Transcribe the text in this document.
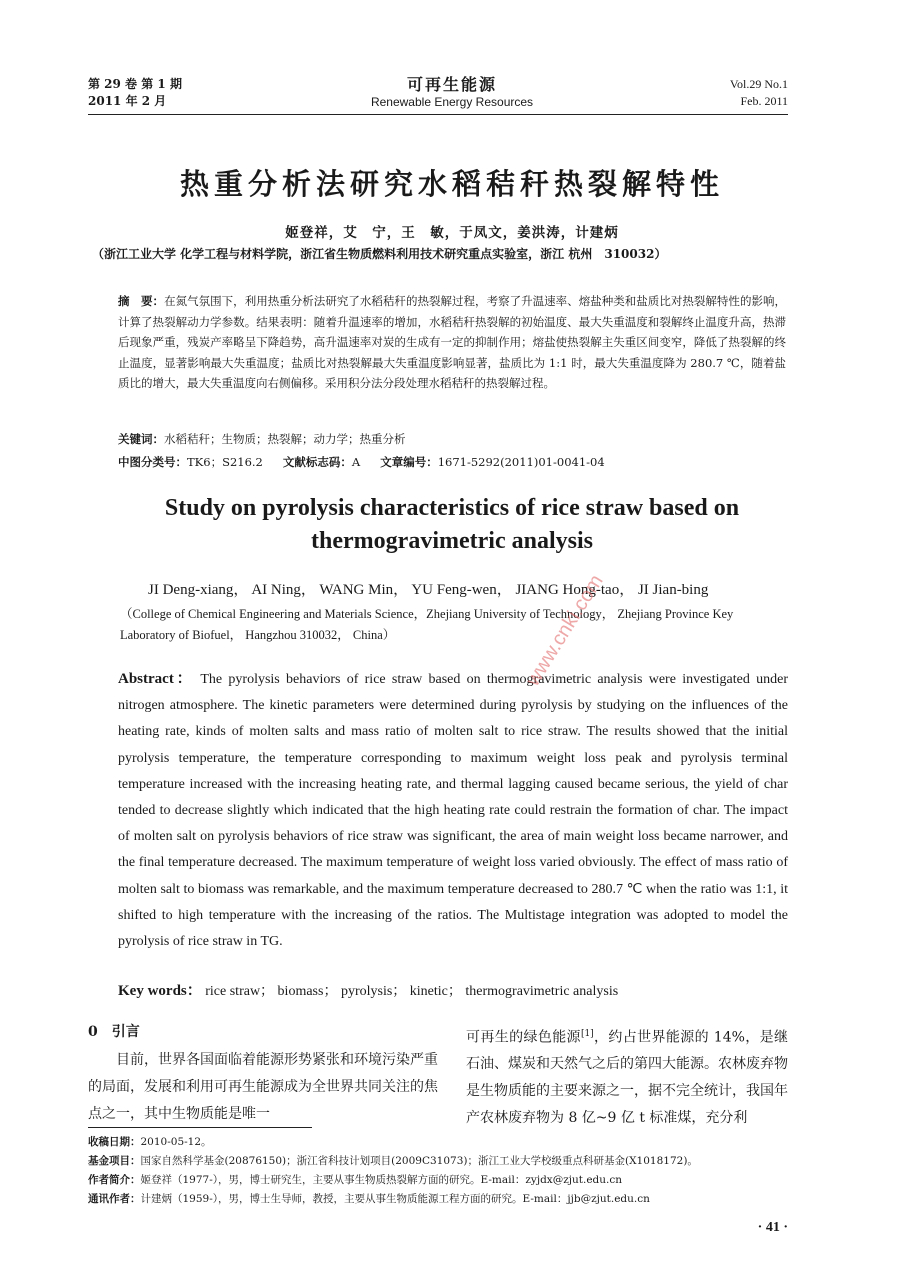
第 29 卷 第 1 期
2011 年 2 月
可再生能源
Renewable Energy Resources
Vol.29 No.1
Feb. 2011
热重分析法研究水稻秸秆热裂解特性
姬登祥，艾　宁，王　敏，于凤文，姜洪涛，计建炳
（浙江工业大学 化学工程与材料学院，浙江省生物质燃料利用技术研究重点实验室，浙江 杭州　310032）
摘　要：在氮气氛围下，利用热重分析法研究了水稻秸秆的热裂解过程，考察了升温速率、熔盐种类和盐质比对热裂解特性的影响，计算了热裂解动力学参数。结果表明：随着升温速率的增加，水稻秸秆热裂解的初始温度、最大失重温度和裂解终止温度升高，热滞后现象严重，残炭产率略呈下降趋势，高升温速率对炭的生成有一定的抑制作用；熔盐使热裂解主失重区间变窄，降低了热裂解的终止温度，显著影响最大失重温度；盐质比对热裂解最大失重温度影响显著，盐质比为 1:1 时，最大失重温度降为 280.7 ℃，随着盐质比的增大，最大失重温度向右侧偏移。采用积分法分段处理水稻秸秆的热裂解过程。
关键词：水稻秸秆；生物质；热裂解；动力学；热重分析
中图分类号：TK6；S216.2 文献标志码：A 文章编号：1671-5292(2011)01-0041-04
Study on pyrolysis characteristics of rice straw based on
thermogravimetric analysis
JI Deng-xiang， AI Ning， WANG Min， YU Feng-wen， JIANG Hong-tao， JI Jian-bing
（College of Chemical Engineering and Materials Science，Zhejiang University of Technology， Zhejiang Province Key Laboratory of Biofuel， Hangzhou 310032， China）
Abstract： The pyrolysis behaviors of rice straw based on thermogravimetric analysis were investigated under nitrogen atmosphere. The kinetic parameters were determined during pyrolysis by studying on the influences of the heating rate, kinds of molten salts and mass ratio of molten salt to rice straw. The results showed that the initial pyrolysis temperature, the temperature corresponding to maximum weight loss peak and pyrolysis terminal temperature increased with the increasing heating rate, and thermal lagging caused became serious, the yield of char tended to decrease slightly which indicated that the high heating rate could restrain the formation of char. The impact of molten salt on pyrolysis behaviors of rice straw was significant, the area of main weight loss became narrower, and the final temperature decreased. The maximum temperature of weight loss varied obviously. The effect of mass ratio of molten salt to biomass was remarkable, and the maximum temperature decreased to 280.7 ℃ when the ratio was 1:1, it shifted to high temperature with the increasing of the ratios. The Multistage integration was adopted to model the pyrolysis of rice straw in TG.
Key words： rice straw； biomass； pyrolysis； kinetic； thermogravimetric analysis
0　引言

目前，世界各国面临着能源形势紧张和环境污染严重的局面，发展和利用可再生能源成为全世界共同关注的焦点之一，其中生物质能是唯一

可再生的绿色能源[1]，约占世界能源的 14%，是继石油、煤炭和天然气之后的第四大能源。农林废弃物是生物质能的主要来源之一，据不完全统计，我国年产农林废弃物为 8 亿~9 亿 t 标准煤，充分利

收稿日期：2010-05-12。
基金项目：国家自然科学基金(20876150)；浙江省科技计划项目(2009C31073)；浙江工业大学校级重点科研基金(X1018172)。
作者简介：姬登祥（1977-），男，博士研究生，主要从事生物质热裂解方面的研究。E-mail：zyjdx@zjut.edu.cn
通讯作者：计建炳（1959-），男，博士生导师，教授，主要从事生物质能源工程方面的研究。E-mail：jjb@zjut.edu.cn
· 41 ·
www.cnki.com
